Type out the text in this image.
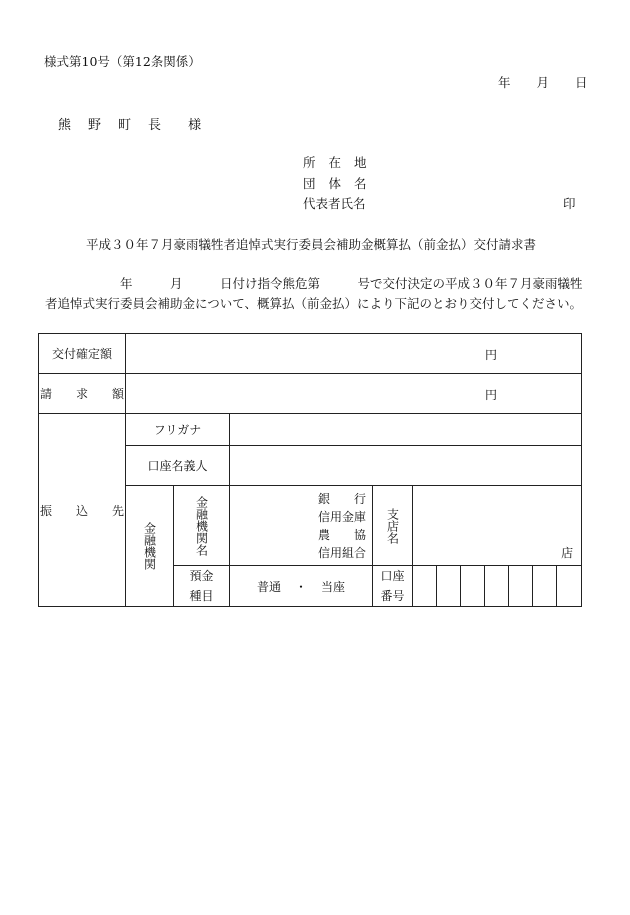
様式第10号（第12条関係）
年 月 日
熊 野 町 長 様
所 在 地
団 体 名
代表者氏名	印
平成３０年７月豪雨犠牲者追悼式実行委員会補助金概算払（前金払）交付請求書
年　　　月　　　日付け指令熊危第　　　号で交付決定の平成３０年７月豪雨犠牲
者追悼式実行委員会補助金について、概算払（前金払）により下記のとおり交付してください。
交付確定額	円										

請　　 求　　 額	円										

振　　 込　　 先	フリガナ										
	口座名義人										

	金融機関	金融機関名	銀　　行
信用金庫
農　　協
信用組合	支店名	店						

		預金
種目	普通 ・ 当座	口座
番号							
